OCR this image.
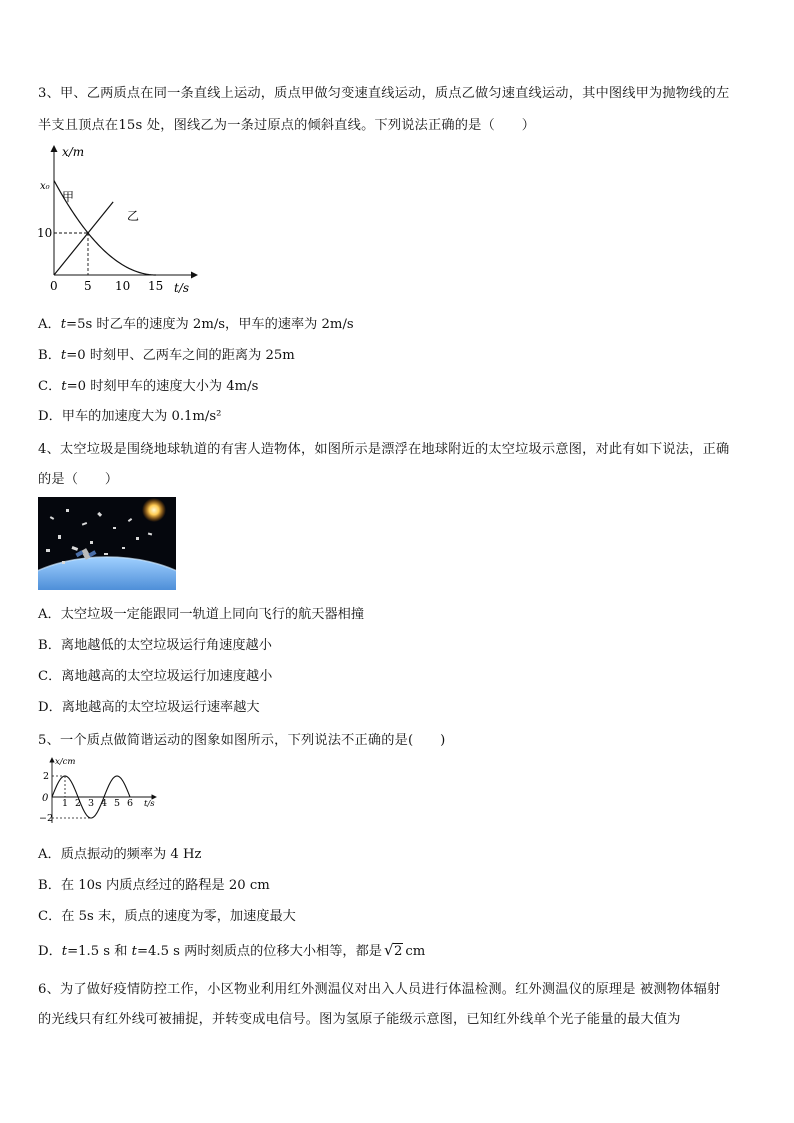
3、甲、乙两质点在同一条直线上运动，质点甲做匀变速直线运动，质点乙做匀速直线运动，其中图线甲为抛物线的左
半支且顶点在15s 处，图线乙为一条过原点的倾斜直线。下列说法正确的是（　　）
x/m
t/s
x₀
甲
乙
10
0 5 10 15
A．t=5s 时乙车的速度为 2m/s，甲车的速率为 2m/s
B．t=0 时刻甲、乙两车之间的距离为 25m
C．t=0 时刻甲车的速度大小为 4m/s
D．甲车的加速度大为 0.1m/s²
4、太空垃圾是围绕地球轨道的有害人造物体，如图所示是漂浮在地球附近的太空垃圾示意图，对此有如下说法，正确
的是（　　）
A．太空垃圾一定能跟同一轨道上同向飞行的航天器相撞
B．离地越低的太空垃圾运行角速度越小
C．离地越高的太空垃圾运行加速度越小
D．离地越高的太空垃圾运行速率越大
5、一个质点做简谐运动的图象如图所示，下列说法不正确的是(　　)
x/cm
t/s
2
0
−2
1 2 3 4 5 6
A．质点振动的频率为 4 Hz
B．在 10s 内质点经过的路程是 20 cm
C．在 5s 末，质点的速度为零，加速度最大
D．t=1.5 s 和 t=4.5 s 两时刻质点的位移大小相等，都是 √ 2 cm
6、为了做好疫情防控工作，小区物业利用红外测温仪对出入人员进行体温检测。红外测温仪的原理是 被测物体辐射
的光线只有红外线可被捕捉，并转变成电信号。图为氢原子能级示意图，已知红外线单个光子能量的最大值为
